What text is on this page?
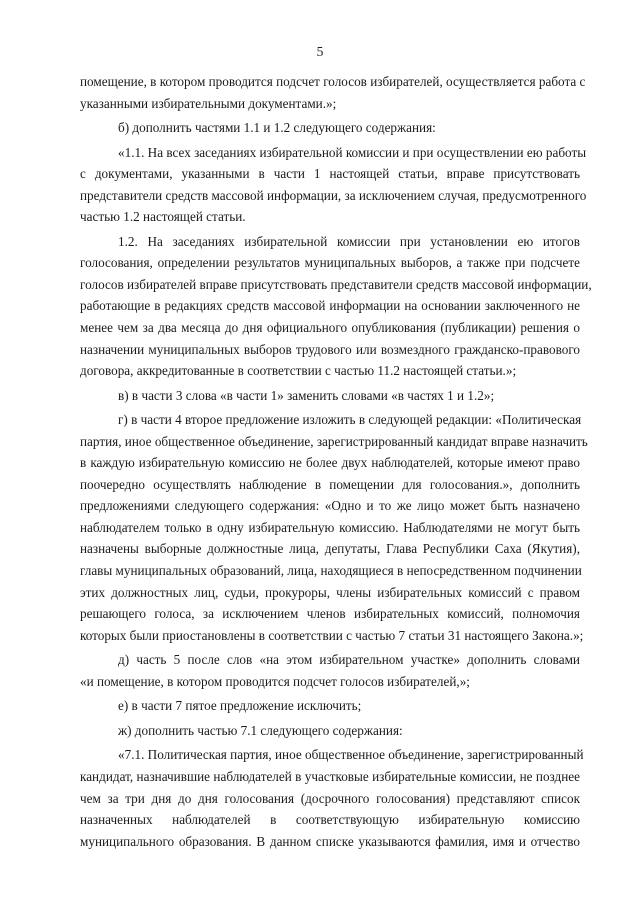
5
помещение, в котором проводится подсчет голосов избирателей, осуществляется работа с
указанными избирательными документами.»;
б) дополнить частями 1.1 и 1.2 следующего содержания:
«1.1. На всех заседаниях избирательной комиссии и при осуществлении ею работы
с документами, указанными в части 1 настоящей статьи, вправе присутствовать
представители средств массовой информации, за исключением случая, предусмотренного
частью 1.2 настоящей статьи.
1.2. На заседаниях избирательной комиссии при установлении ею итогов
голосования, определении результатов муниципальных выборов, а также при подсчете
голосов избирателей вправе присутствовать представители средств массовой информации,
работающие в редакциях средств массовой информации на основании заключенного не
менее чем за два месяца до дня официального опубликования (публикации) решения о
назначении муниципальных выборов трудового или возмездного гражданско-правового
договора, аккредитованные в соответствии с частью 11.2 настоящей статьи.»;
в) в части 3 слова «в части 1» заменить словами «в частях 1 и 1.2»;
г) в части 4 второе предложение изложить в следующей редакции: «Политическая
партия, иное общественное объединение, зарегистрированный кандидат вправе назначить
в каждую избирательную комиссию не более двух наблюдателей, которые имеют право
поочередно осуществлять наблюдение в помещении для голосования.», дополнить
предложениями следующего содержания: «Одно и то же лицо может быть назначено
наблюдателем только в одну избирательную комиссию. Наблюдателями не могут быть
назначены выборные должностные лица, депутаты, Глава Республики Саха (Якутия),
главы муниципальных образований, лица, находящиеся в непосредственном подчинении
этих должностных лиц, судьи, прокуроры, члены избирательных комиссий с правом
решающего голоса, за исключением членов избирательных комиссий, полномочия
которых были приостановлены в соответствии с частью 7 статьи 31 настоящего Закона.»;
д) часть 5 после слов «на этом избирательном участке» дополнить словами
«и помещение, в котором проводится подсчет голосов избирателей,»;
е) в части 7 пятое предложение исключить;
ж) дополнить частью 7.1 следующего содержания:
«7.1. Политическая партия, иное общественное объединение, зарегистрированный
кандидат, назначившие наблюдателей в участковые избирательные комиссии, не позднее
чем за три дня до дня голосования (досрочного голосования) представляют список
назначенных наблюдателей в соответствующую избирательную комиссию
муниципального образования. В данном списке указываются фамилия, имя и отчество
